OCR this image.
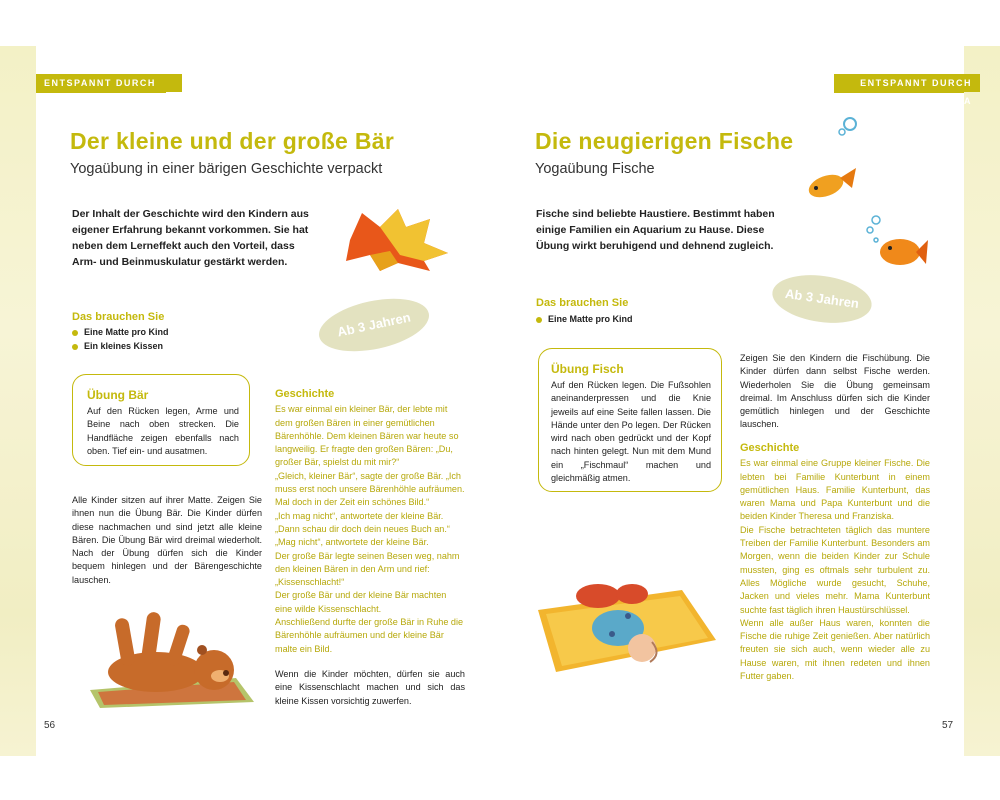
ENTSPANNT DURCH YOGA
Der kleine und der große Bär
Yogaübung in einer bärigen Geschichte verpackt
Der Inhalt der Geschichte wird den Kindern aus eigener Erfahrung bekannt vorkommen. Sie hat neben dem Lerneffekt auch den Vorteil, dass Arm- und Beinmuskulatur gestärkt werden.
Das brauchen Sie
Eine Matte pro Kind
Ein kleines Kissen
Ab 3 Jahren
Übung Bär
Auf den Rücken legen, Arme und Beine nach oben strecken. Die Handfläche zeigen ebenfalls nach oben. Tief ein- und ausatmen.
Alle Kinder sitzen auf ihrer Matte. Zeigen Sie ihnen nun die Übung Bär. Die Kinder dürfen diese nachmachen und sind jetzt alle kleine Bären. Die Übung Bär wird dreimal wiederholt. Nach der Übung dürfen sich die Kinder bequem hinlegen und der Bärengeschichte lauschen.
Geschichte

Es war einmal ein kleiner Bär, der lebte mit dem großen Bären in einer gemütlichen Bärenhöhle. Dem kleinen Bären war heute so langweilig. Er fragte den großen Bären: „Du, großer Bär, spielst du mit mir?“

„Gleich, kleiner Bär“, sagte der große Bär. „Ich muss erst noch unsere Bärenhöhle aufräumen. Mal doch in der Zeit ein schönes Bild.“

„Ich mag nicht“, antwortete der kleine Bär.

„Dann schau dir doch dein neues Buch an.“

„Mag nicht“, antwortete der kleine Bär.

Der große Bär legte seinen Besen weg, nahm den kleinen Bären in den Arm und rief: „Kissenschlacht!“

Der große Bär und der kleine Bär machten eine wilde Kissenschlacht.

Anschließend durfte der große Bär in Ruhe die Bärenhöhle aufräumen und der kleine Bär malte ein Bild.

Wenn die Kinder möchten, dürfen sie auch eine Kissenschlacht machen und sich das kleine Kissen vorsichtig zuwerfen.

56
ENTSPANNT DURCH YOGA
Die neugierigen Fische
Yogaübung Fische
Fische sind beliebte Haustiere. Bestimmt haben einige Familien ein Aquarium zu Hause. Diese Übung wirkt beruhigend und dehnend zugleich.
Ab 3 Jahren
Das brauchen Sie
Eine Matte pro Kind
Übung Fisch
Auf den Rücken legen. Die Fußsohlen aneinanderpressen und die Knie jeweils auf eine Seite fallen lassen. Die Hände unter den Po legen. Der Rücken wird nach oben gedrückt und der Kopf nach hinten gelegt. Nun mit dem Mund ein „Fischmaul“ machen und gleichmäßig atmen.
Zeigen Sie den Kindern die Fischübung. Die Kinder dürfen dann selbst Fische werden. Wiederholen Sie die Übung gemeinsam dreimal. Im Anschluss dürfen sich die Kinder gemütlich hinlegen und der Geschichte lauschen.
Geschichte

Es war einmal eine Gruppe kleiner Fische. Die lebten bei Familie Kunterbunt in einem gemütlichen Haus. Familie Kunterbunt, das waren Mama und Papa Kunterbunt und die beiden Kinder Theresa und Franziska.

Die Fische betrachteten täglich das muntere Treiben der Familie Kunterbunt. Besonders am Morgen, wenn die beiden Kinder zur Schule mussten, ging es oftmals sehr turbulent zu. Alles Mögliche wurde gesucht, Schuhe, Jacken und vieles mehr. Mama Kunterbunt suchte fast täglich ihren Haustürschlüssel.

Wenn alle außer Haus waren, konnten die Fische die ruhige Zeit genießen. Aber natürlich freuten sie sich auch, wenn wieder alle zu Hause waren, mit ihnen redeten und ihnen Futter gaben.

57
